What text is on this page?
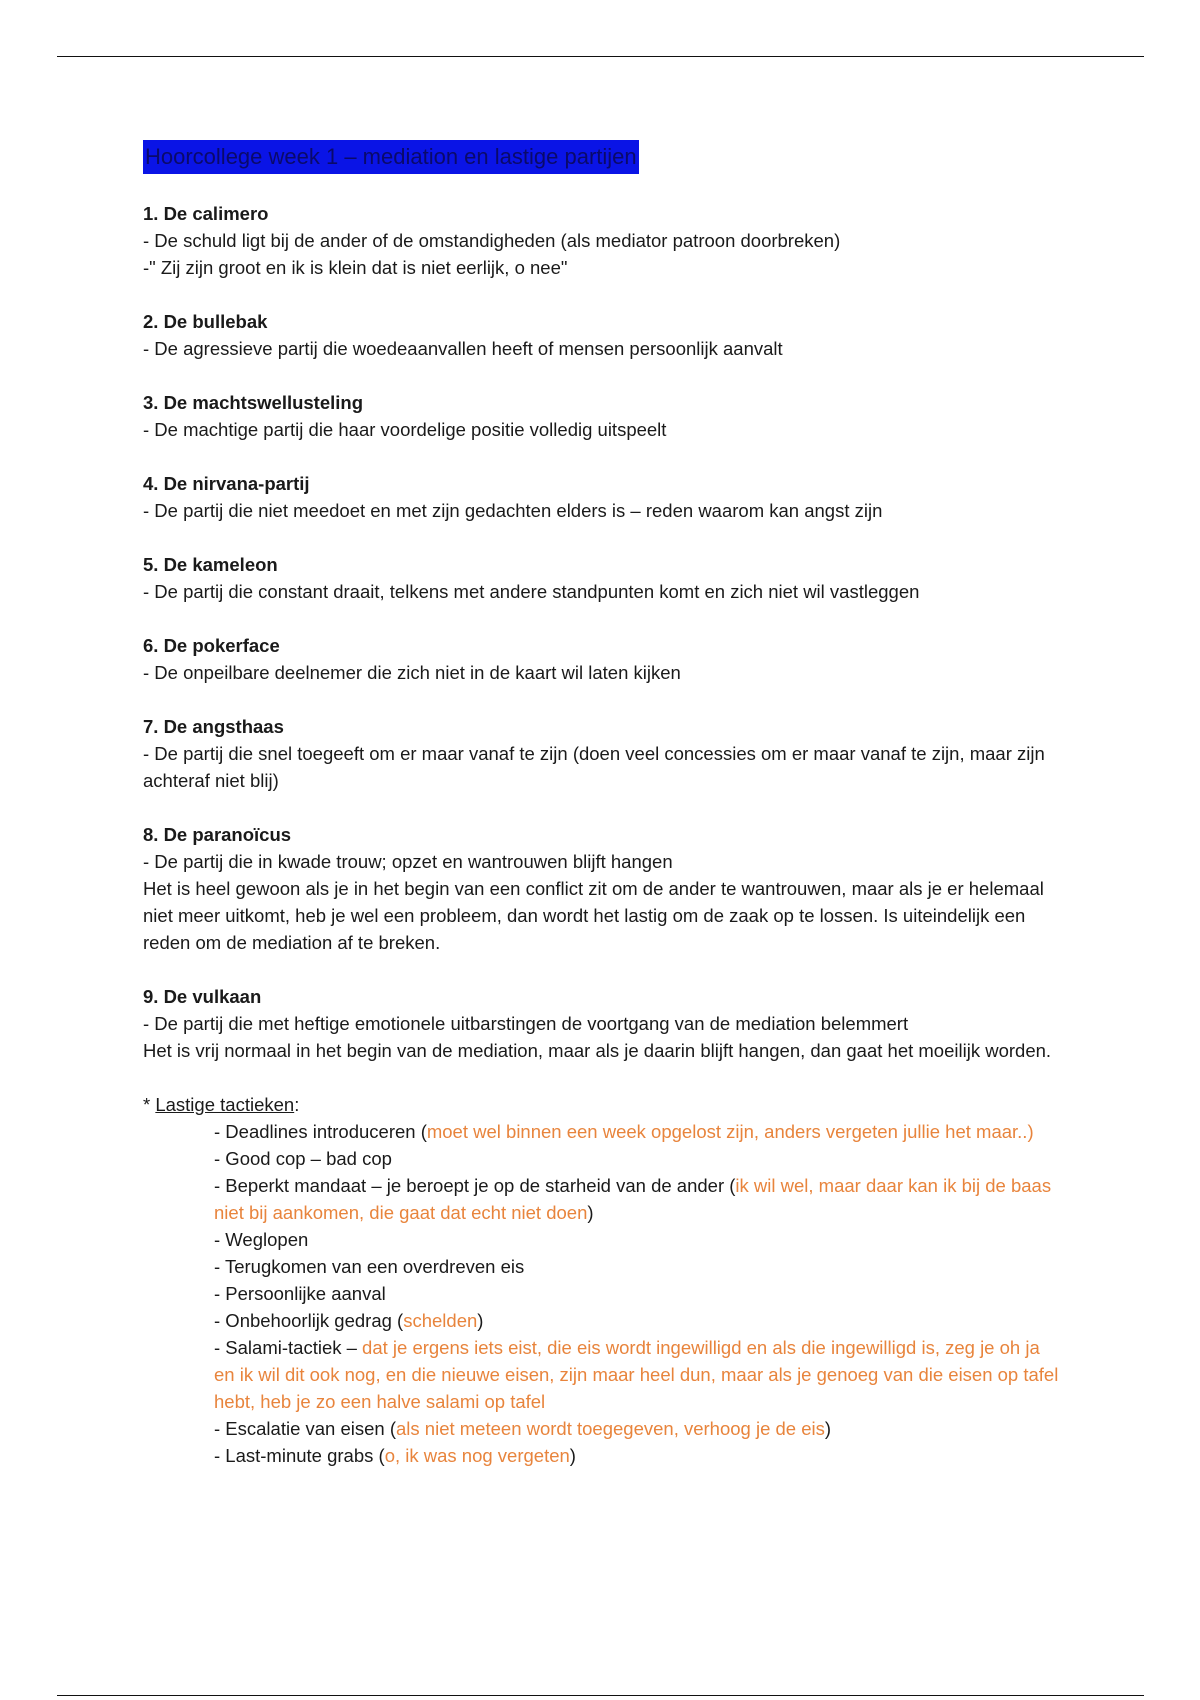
Hoorcollege week 1 – mediation en lastige partijen
1. De calimero
- De schuld ligt bij de ander of de omstandigheden (als mediator patroon doorbreken)
-" Zij zijn groot en ik is klein dat is niet eerlijk, o nee"
2. De bullebak
- De agressieve partij die woedeaanvallen heeft of mensen persoonlijk aanvalt
3. De machtswellusteling
- De machtige partij die haar voordelige positie volledig uitspeelt
4. De nirvana-partij
- De partij die niet meedoet en met zijn gedachten elders is – reden waarom kan angst zijn
5. De kameleon
- De partij die constant draait, telkens met andere standpunten komt en zich niet wil vastleggen
6. De pokerface
- De onpeilbare deelnemer die zich niet in de kaart wil laten kijken
7. De angsthaas
- De partij die snel toegeeft om er maar vanaf te zijn (doen veel concessies om er maar vanaf te zijn, maar zijn achteraf niet blij)
8. De paranoïcus
- De partij die in kwade trouw; opzet en wantrouwen blijft hangen
Het is heel gewoon als je in het begin van een conflict zit om de ander te wantrouwen, maar als je er helemaal niet meer uitkomt, heb je wel een probleem, dan wordt het lastig om de zaak op te lossen. Is uiteindelijk een reden om de mediation af te breken.
9. De vulkaan
- De partij die met heftige emotionele uitbarstingen de voortgang van de mediation belemmert
Het is vrij normaal in het begin van de mediation, maar als je daarin blijft hangen, dan gaat het moeilijk worden.
* Lastige tactieken:
- Deadlines introduceren (moet wel binnen een week opgelost zijn, anders vergeten jullie het maar..)
- Good cop – bad cop
- Beperkt mandaat – je beroept je op de starheid van de ander (ik wil wel, maar daar kan ik bij de baas niet bij aankomen, die gaat dat echt niet doen)
- Weglopen
- Terugkomen van een overdreven eis
- Persoonlijke aanval
- Onbehoorlijk gedrag (schelden)
- Salami-tactiek – dat je ergens iets eist, die eis wordt ingewilligd en als die ingewilligd is, zeg je oh ja en ik wil dit ook nog, en die nieuwe eisen, zijn maar heel dun, maar als je genoeg van die eisen op tafel hebt, heb je zo een halve salami op tafel
- Escalatie van eisen (als niet meteen wordt toegegeven, verhoog je de eis)
- Last-minute grabs (o, ik was nog vergeten)
